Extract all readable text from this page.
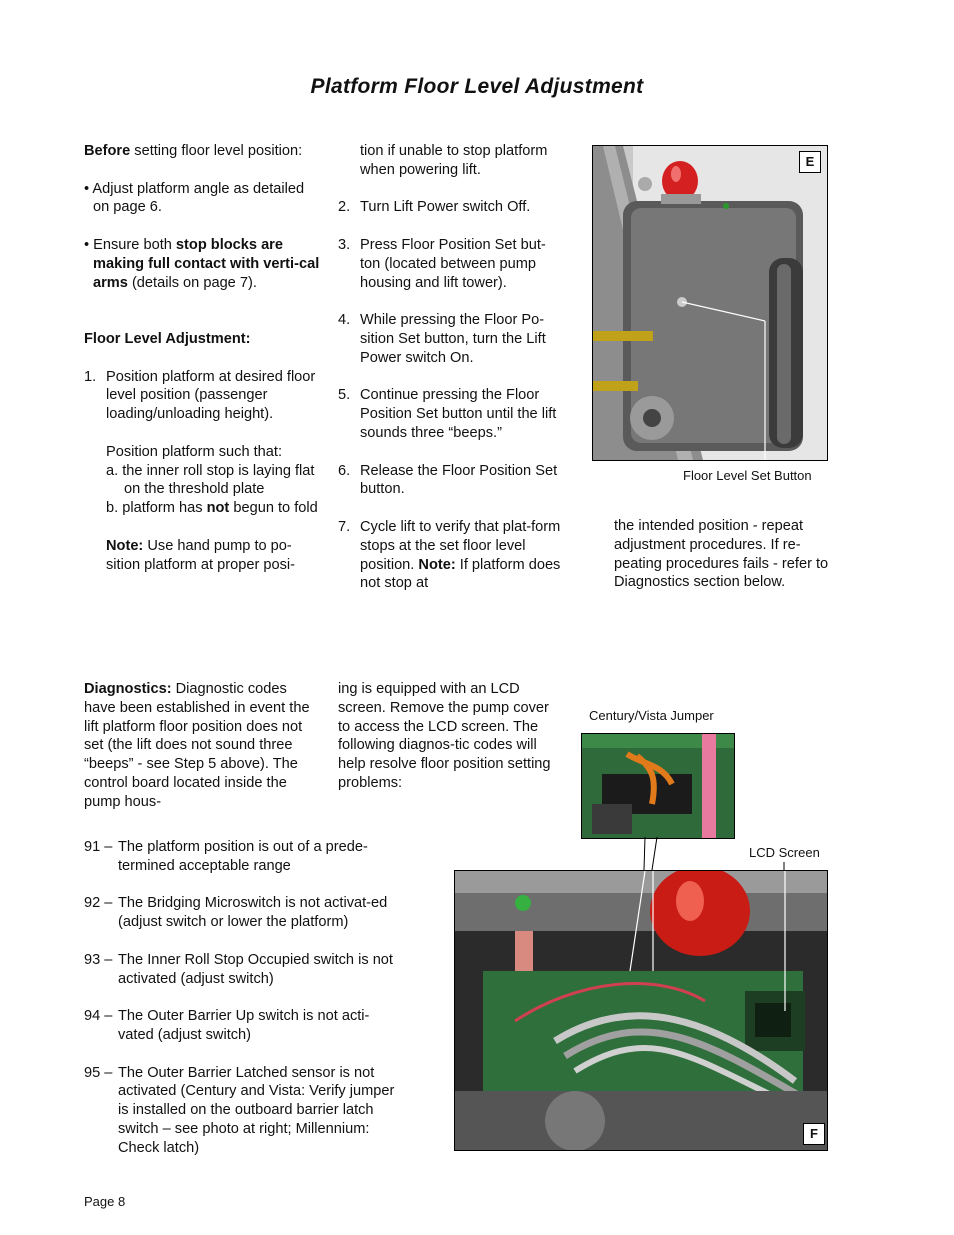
Platform Floor Level Adjustment

Before setting floor level position:

• Adjust platform angle as detailed on page 6.

• Ensure both stop blocks are making full contact with verti-cal arms (details on page 7).

Floor Level Adjustment:

1. Position platform at desired floor level position (passenger loading/unloading height).

Position platform such that:

a. the inner roll stop is laying flat on the threshold plate

b. platform has not begun to fold

Note: Use hand pump to po-sition platform at proper posi-

tion if unable to stop platform when powering lift.

2. Turn Lift Power switch Off.
3. Press Floor Position Set but-ton (located between pump housing and lift tower).
4. While pressing the Floor Po-sition Set button, turn the Lift Power switch On.
5. Continue pressing the Floor Position Set button until the lift sounds three “beeps.”
6. Release the Floor Position Set button.
7. Cycle lift to verify that plat-form stops at the set floor level position. Note: If platform does not stop at
the intended position - repeat adjustment procedures. If re-peating procedures fails - refer to Diagnostics section below.
E
Floor Level Set Button

Diagnostics: Diagnostic codes have been established in event the lift platform floor position does not set (the lift does not sound three “beeps” - see Step 5 above). The control board located inside the pump hous-

ing is equipped with an LCD screen. Remove the pump cover to access the LCD screen. The following diagnos-tic codes will help resolve floor position setting problems:
91 – The platform position is out of a prede-termined acceptable range
92 – The Bridging Microswitch is not activat-ed (adjust switch or lower the platform)
93 – The Inner Roll Stop Occupied switch is not activated (adjust switch)
94 – The Outer Barrier Up switch is not acti-vated (adjust switch)
95 – The Outer Barrier Latched sensor is not activated (Century and Vista: Verify jumper is installed on the outboard barrier latch switch – see photo at right; Millennium: Check latch)
Century/Vista Jumper
LCD Screen
F
Page 8
